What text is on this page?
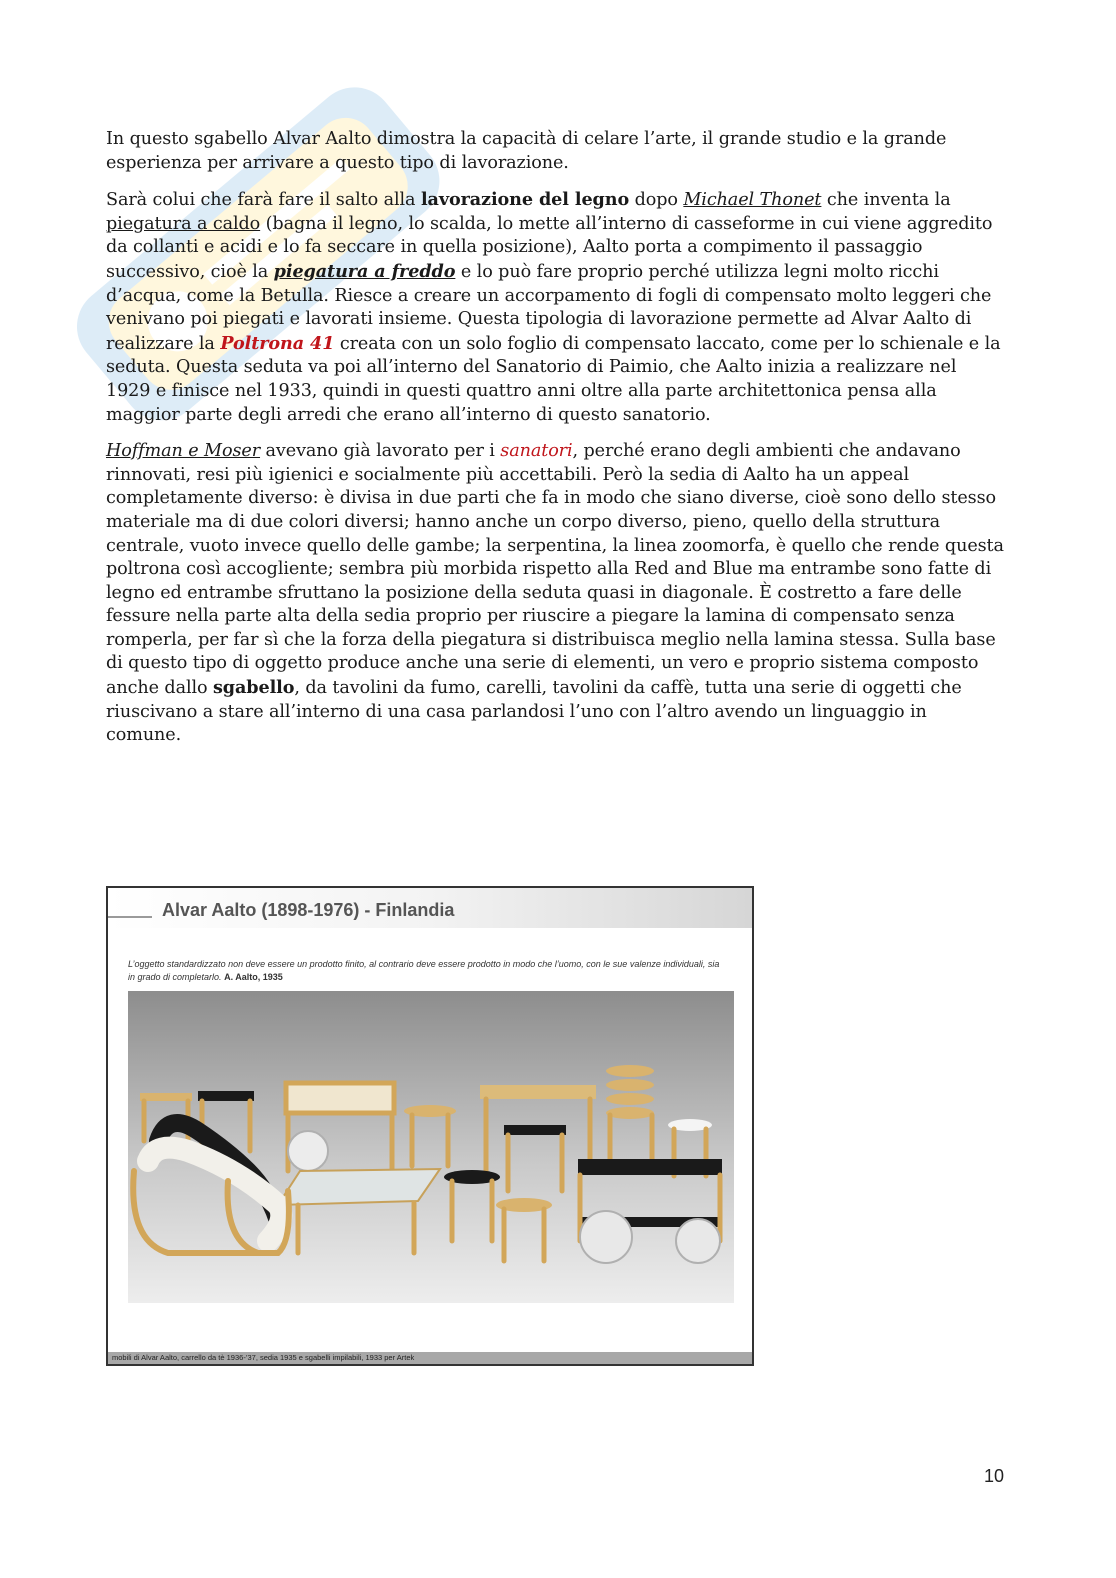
In questo sgabello Alvar Aalto dimostra la capacità di celare l’arte, il grande studio e la grande esperienza per arrivare a questo tipo di lavorazione.

Sarà colui che farà fare il salto alla lavorazione del legno dopo Michael Thonet che inventa la piegatura a caldo (bagna il legno, lo scalda, lo mette all’interno di casseforme in cui viene aggredito da collanti e acidi e lo fa seccare in quella posizione), Aalto porta a compimento il passaggio successivo, cioè la piegatura a freddo e lo può fare proprio perché utilizza legni molto ricchi d’acqua, come la Betulla. Riesce a creare un accorpamento di fogli di compensato molto leggeri che venivano poi piegati e lavorati insieme. Questa tipologia di lavorazione permette ad Alvar Aalto di realizzare la Poltrona 41 creata con un solo foglio di compensato laccato, come per lo schienale e la seduta. Questa seduta va poi all’interno del Sanatorio di Paimio, che Aalto inizia a realizzare nel 1929 e finisce nel 1933, quindi in questi quattro anni oltre alla parte architettonica pensa alla maggior parte degli arredi che erano all’interno di questo sanatorio.

Hoffman e Moser avevano già lavorato per i sanatori, perché erano degli ambienti che andavano rinnovati, resi più igienici e socialmente più accettabili. Però la sedia di Aalto ha un appeal completamente diverso: è divisa in due parti che fa in modo che siano diverse, cioè sono dello stesso materiale ma di due colori diversi; hanno anche un corpo diverso, pieno, quello della struttura centrale, vuoto invece quello delle gambe; la serpentina, la linea zoomorfa, è quello che rende questa poltrona così accogliente; sembra più morbida rispetto alla Red and Blue ma entrambe sono fatte di legno ed entrambe sfruttano la posizione della seduta quasi in diagonale. È costretto a fare delle fessure nella parte alta della sedia proprio per riuscire a piegare la lamina di compensato senza romperla, per far sì che la forza della piegatura si distribuisca meglio nella lamina stessa. Sulla base di questo tipo di oggetto produce anche una serie di elementi, un vero e proprio sistema composto anche dallo sgabello, da tavolini da fumo, carelli, tavolini da caffè, tutta una serie di oggetti che riuscivano a stare all’interno di una casa parlandosi l’uno con l’altro avendo un linguaggio in comune.

Alvar Aalto (1898-1976) - Finlandia
L’oggetto standardizzato non deve essere un prodotto finito, al contrario deve essere prodotto in modo che l’uomo, con le sue valenze individuali, sia in grado di completarlo. A. Aalto, 1935
mobili di Alvar Aalto, carrello da tè 1936-’37, sedia 1935 e sgabelli impilabili, 1933 per Artek
10
